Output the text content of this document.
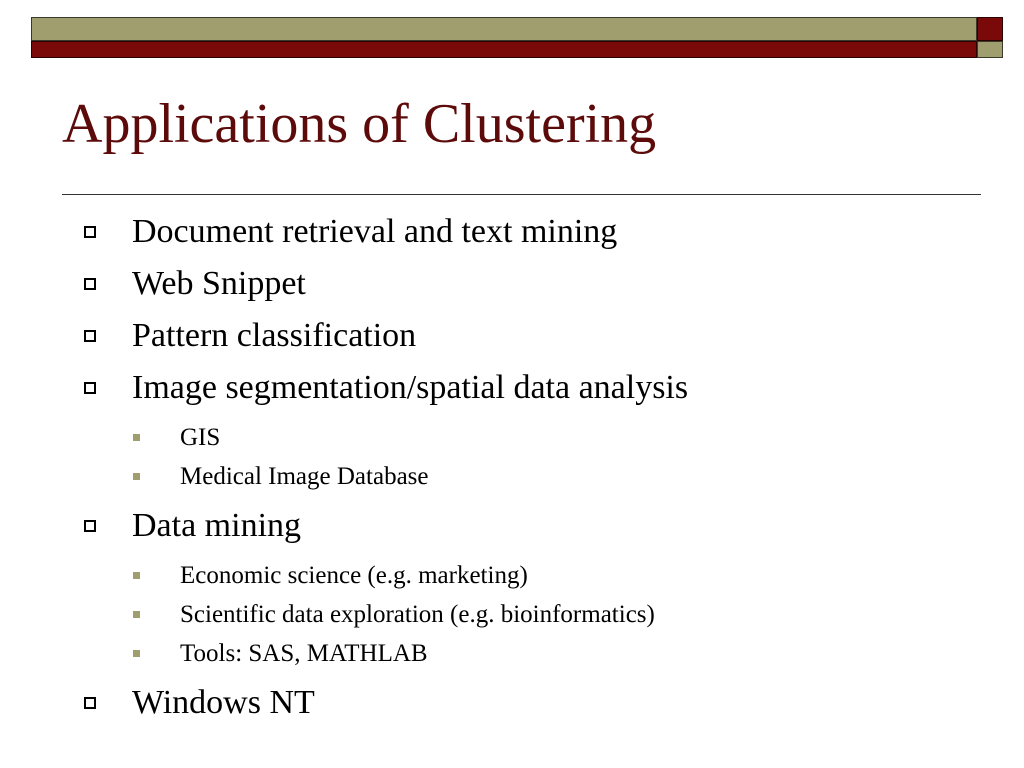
Applications of Clustering
Document retrieval and text mining
Web Snippet
Pattern classification
Image segmentation/spatial data analysis
GIS
Medical Image Database
Data mining
Economic science (e.g. marketing)
Scientific data exploration (e.g. bioinformatics)
Tools: SAS, MATHLAB
Windows NT
